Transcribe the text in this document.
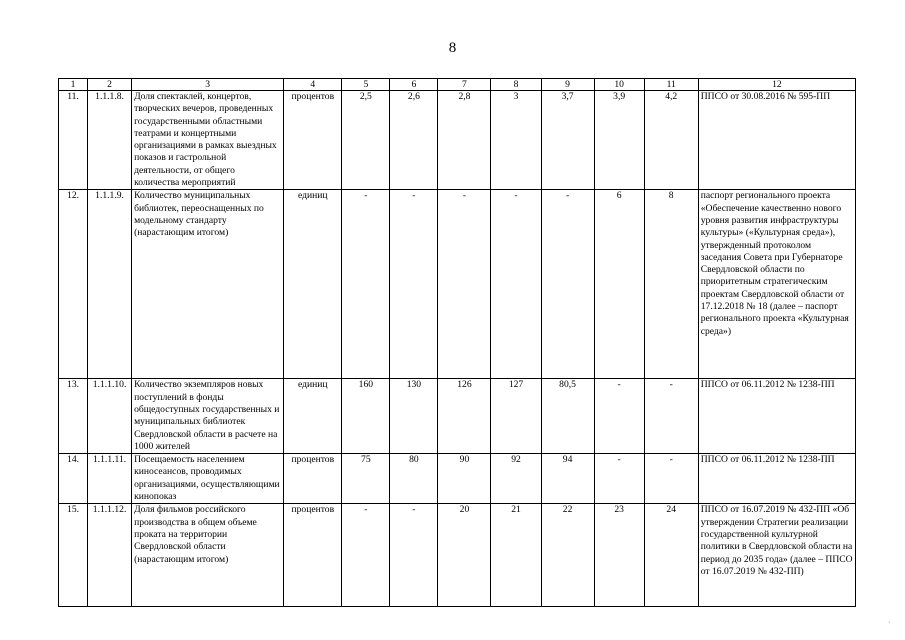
8
1	2	3	4	5	6	7	8	9	10	11	12
11.	1.1.1.8.	Доля спектаклей, концертов, творческих вечеров, проведенных государственными областными театрами и концертными организациями в рамках выездных показов и гастрольной деятельности, от общего количества мероприятий	процентов	2,5	2,6	2,8	3	3,7	3,9	4,2	ППСО от 30.08.2016 № 595-ПП
12.	1.1.1.9.	Количество муниципальных библиотек, переоснащенных по модельному стандарту (нарастающим итогом)	единиц	-	-	-	-	-	6	8	паспорт регионального проекта «Обеспечение качественно нового уровня развития инфраструктуры культуры» («Культурная среда»), утвержденный протоколом заседания Совета при Губернаторе Свердловской области по приоритетным стратегическим проектам Свердловской области от 17.12.2018 № 18 (далее – паспорт регионального проекта «Культурная среда»)
13.	1.1.1.10.	Количество экземпляров новых поступлений в фонды общедоступных государственных и муниципальных библиотек Свердловской области в расчете на 1000 жителей	единиц	160	130	126	127	80,5	-	-	ППСО от 06.11.2012 № 1238-ПП
14.	1.1.1.11.	Посещаемость населением киносеансов, проводимых организациями, осуществляющими кинопоказ	процентов	75	80	90	92	94	-	-	ППСО от 06.11.2012 № 1238-ПП
15.	1.1.1.12.	Доля фильмов российского производства в общем объеме проката на территории Свердловской области (нарастающим итогом)	процентов	-	-	20	21	22	23	24	ППСО от 16.07.2019 № 432-ПП «Об утверждении Стратегии реализации государственной культурной политики в Свердловской области на период до 2035 года» (далее – ППСО от 16.07.2019 № 432-ПП)
·
